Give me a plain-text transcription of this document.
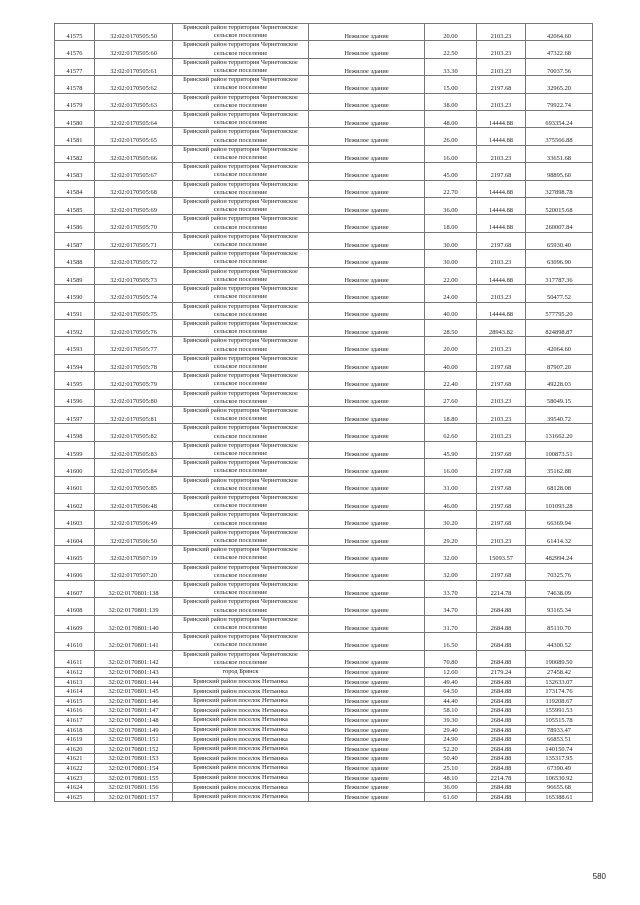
41575	32:02:0170505:50	Брянский район территория Чернетовское сельское поселение	Нежилое здание	20.00	2103.23	42064.60
41576	32:02:0170505:60	Брянский район территория Чернетовское сельское поселение	Нежилое здание	22.50	2103.23	47322.68
41577	32:02:0170505:61	Брянский район территория Чернетовское сельское поселение	Нежилое здание	33.30	2103.23	70037.56
41578	32:02:0170505:62	Брянский район территория Чернетовское сельское поселение	Нежилое здание	15.00	2197.68	32965.20
41579	32:02:0170505:63	Брянский район территория Чернетовское сельское поселение	Нежилое здание	38.00	2103.23	79922.74
41580	32:02:0170505:64	Брянский район территория Чернетовское сельское поселение	Нежилое здание	48.00	14444.88	693354.24
41581	32:02:0170505:65	Брянский район территория Чернетовское сельское поселение	Нежилое здание	26.00	14444.88	375566.88
41582	32:02:0170505:66	Брянский район территория Чернетовское сельское поселение	Нежилое здание	16.00	2103.23	33651.68
41583	32:02:0170505:67	Брянский район территория Чернетовское сельское поселение	Нежилое здание	45.00	2197.68	98895.60
41584	32:02:0170505:68	Брянский район территория Чернетовское сельское поселение	Нежилое здание	22.70	14444.88	327898.78
41585	32:02:0170505:69	Брянский район территория Чернетовское сельское поселение	Нежилое здание	36.00	14444.88	520015.68
41586	32:02:0170505:70	Брянский район территория Чернетовское сельское поселение	Нежилое здание	18.00	14444.88	260007.84
41587	32:02:0170505:71	Брянский район территория Чернетовское сельское поселение	Нежилое здание	30.00	2197.68	65930.40
41588	32:02:0170505:72	Брянский район территория Чернетовское сельское поселение	Нежилое здание	30.00	2103.23	63096.90
41589	32:02:0170505:73	Брянский район территория Чернетовское сельское поселение	Нежилое здание	22.00	14444.88	317787.36
41590	32:02:0170505:74	Брянский район территория Чернетовское сельское поселение	Нежилое здание	24.00	2103.23	50477.52
41591	32:02:0170505:75	Брянский район территория Чернетовское сельское поселение	Нежилое здание	40.00	14444.88	577795.20
41592	32:02:0170505:76	Брянский район территория Чернетовское сельское поселение	Нежилое здание	28.50	28943.82	824898.87
41593	32:02:0170505:77	Брянский район территория Чернетовское сельское поселение	Нежилое здание	20.00	2103.23	42064.60
41594	32:02:0170505:78	Брянский район территория Чернетовское сельское поселение	Нежилое здание	40.00	2197.68	87907.20
41595	32:02:0170505:79	Брянский район территория Чернетовское сельское поселение	Нежилое здание	22.40	2197.68	49228.03
41596	32:02:0170505:80	Брянский район территория Чернетовское сельское поселение	Нежилое здание	27.60	2103.23	58049.15
41597	32:02:0170505:81	Брянский район территория Чернетовское сельское поселение	Нежилое здание	18.80	2103.23	39540.72
41598	32:02:0170505:82	Брянский район территория Чернетовское сельское поселение	Нежилое здание	62.60	2103.23	131662.20
41599	32:02:0170505:83	Брянский район территория Чернетовское сельское поселение	Нежилое здание	45.90	2197.68	100873.51
41600	32:02:0170505:84	Брянский район территория Чернетовское сельское поселение	Нежилое здание	16.00	2197.68	35162.88
41601	32:02:0170505:85	Брянский район территория Чернетовское сельское поселение	Нежилое здание	31.00	2197.68	68128.08
41602	32:02:0170506:48	Брянский район территория Чернетовское сельское поселение	Нежилое здание	46.00	2197.68	101093.28
41603	32:02:0170506:49	Брянский район территория Чернетовское сельское поселение	Нежилое здание	30.20	2197.68	66369.94
41604	32:02:0170506:50	Брянский район территория Чернетовское сельское поселение	Нежилое здание	29.20	2103.23	61414.32
41605	32:02:0170507:19	Брянский район территория Чернетовское сельское поселение	Нежилое здание	32.00	15093.57	482994.24
41606	32:02:0170507:20	Брянский район территория Чернетовское сельское поселение	Нежилое здание	32.00	2197.68	70325.76
41607	32:02:0170801:138	Брянский район территория Чернетовское сельское поселение	Нежилое здание	33.70	2214.78	74638.09
41608	32:02:0170801:139	Брянский район территория Чернетовское сельское поселение	Нежилое здание	34.70	2684.88	93165.34
41609	32:02:0170801:140	Брянский район территория Чернетовское сельское поселение	Нежилое здание	31.70	2684.88	85110.70
41610	32:02:0170801:141	Брянский район территория Чернетовское сельское поселение	Нежилое здание	16.50	2684.88	44300.52
41611	32:02:0170801:142	Брянский район территория Чернетовское сельское поселение	Нежилое здание	70.80	2684.88	190089.50
41612	32:02:0170801:143	город Брянск	Нежилое здание	12.60	2179.24	27458.42
41613	32:02:0170801:144	Брянский район поселок Нетьинка	Нежилое здание	49.40	2684.88	132633.07
41614	32:02:0170801:145	Брянский район поселок Нетьинка	Нежилое здание	64.50	2684.88	173174.76
41615	32:02:0170801:146	Брянский район поселок Нетьинка	Нежилое здание	44.40	2684.88	119208.67
41616	32:02:0170801:147	Брянский район поселок Нетьинка	Нежилое здание	58.10	2684.88	155991.53
41617	32:02:0170801:148	Брянский район поселок Нетьинка	Нежилое здание	39.30	2684.88	105515.78
41618	32:02:0170801:149	Брянский район поселок Нетьинка	Нежилое здание	29.40	2684.88	78933.47
41619	32:02:0170801:151	Брянский район поселок Нетьинка	Нежилое здание	24.90	2684.88	66853.51
41620	32:02:0170801:152	Брянский район поселок Нетьинка	Нежилое здание	52.20	2684.88	140150.74
41621	32:02:0170801:153	Брянский район поселок Нетьинка	Нежилое здание	50.40	2684.88	135317.95
41622	32:02:0170801:154	Брянский район поселок Нетьинка	Нежилое здание	25.10	2684.88	67390.49
41623	32:02:0170801:155	Брянский район поселок Нетьинка	Нежилое здание	48.10	2214.78	106530.92
41624	32:02:0170801:156	Брянский район поселок Нетьинка	Нежилое здание	36.00	2684.88	96655.68
41625	32:02:0170801:157	Брянский район поселок Нетьинка	Нежилое здание	61.60	2684.88	165388.61
580
